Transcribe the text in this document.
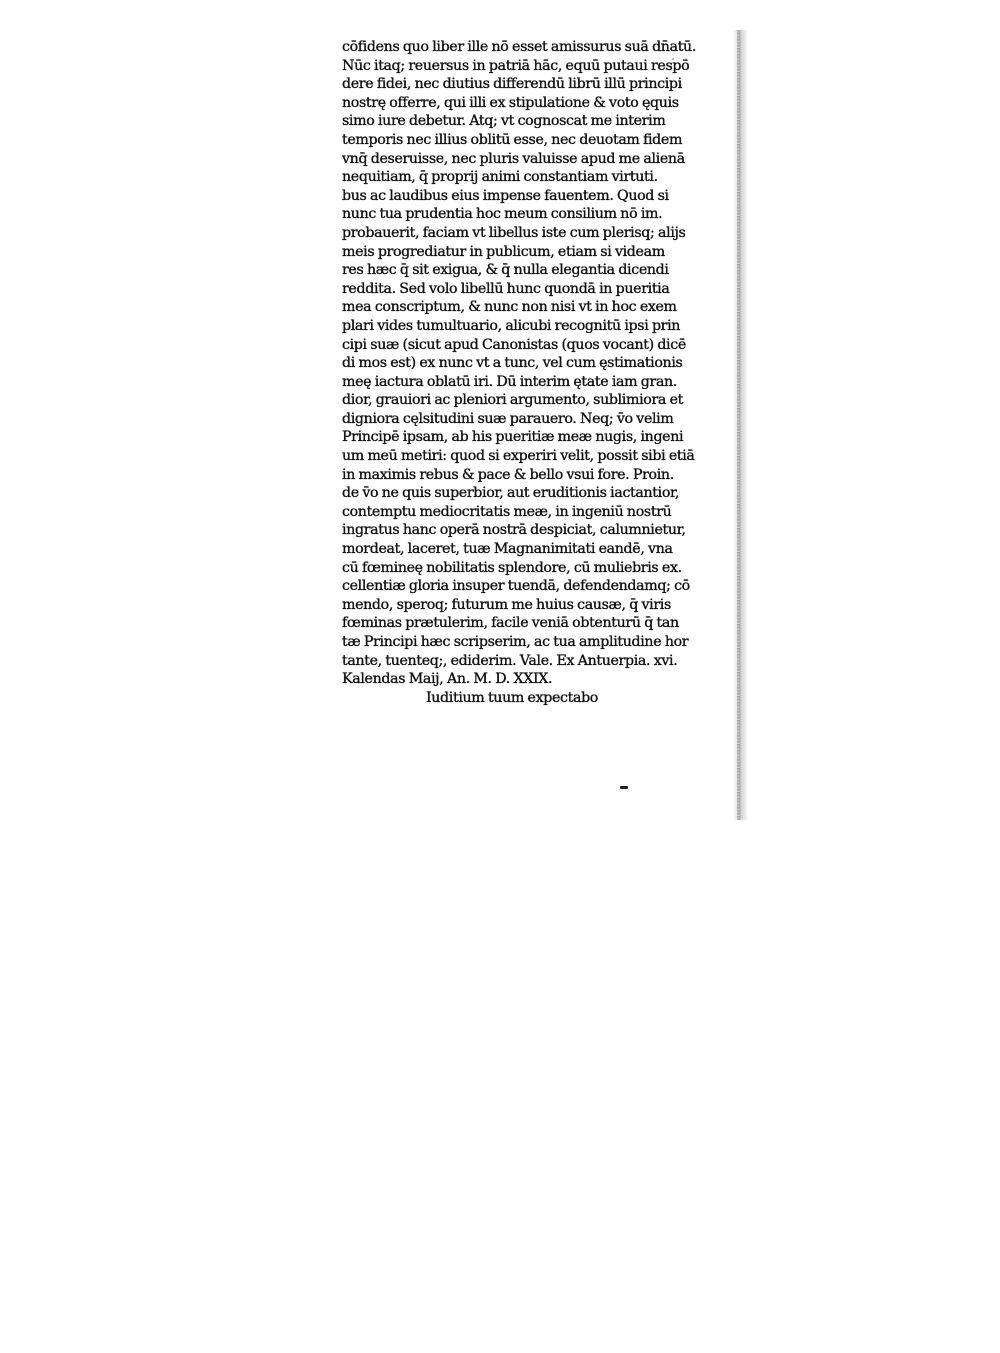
cōfidens quo liber ille nō esset amissurus suā dn̄atū.
Nūc itaq; reuersus in patriā hāc, equū putaui respō
dere fidei, nec diutius differendū librū illū principi
nostrę offerre, qui illi ex stipulatione & voto ęquis
simo iure debetur. Atq; vt cognoscat me interim
temporis nec illius oblitū esse, nec deuotam fidem
vnq̄ deseruisse, nec pluris valuisse apud me alienā
nequitiam, q̄ proprij animi constantiam virtuti.
bus ac laudibus eius impense fauentem. Quod si
nunc tua prudentia hoc meum consilium nō im.
probauerit, faciam vt libellus iste cum plerisq; alijs
meis progrediatur in publicum, etiam si videam
res hæc q̄ sit exigua, & q̄ nulla elegantia dicendi
reddita. Sed volo libellū hunc quondā in pueritia
mea conscriptum, & nunc non nisi vt in hoc exem
plari vides tumultuario, alicubi recognitū ipsi prin
cipi suæ (sicut apud Canonistas (quos vocant) dicē
di mos est) ex nunc vt a tunc, vel cum ęstimationis
meę iactura oblatū iri. Dū interim ętate iam gran.
dior, grauiori ac pleniori argumento, sublimiora et
digniora cęlsitudini suæ parauero. Neq; v̄o velim
Principē ipsam, ab his pueritiæ meæ nugis, ingeni
um meū metiri: quod si experiri velit, possit sibi etiā
in maximis rebus & pace & bello vsui fore. Proin.
de v̄o ne quis superbior, aut eruditionis iactantior,
contemptu mediocritatis meæ, in ingeniū nostrū
ingratus hanc operā nostrā despiciat, calumnietur,
mordeat, laceret, tuæ Magnanimitati eandē, vna
cū fœmineę nobilitatis splendore, cū muliebris ex.
cellentiæ gloria insuper tuendā, defendendamq; cō
mendo, speroq; futurum me huius causæ, q̄ viris
fœminas prætulerim, facile veniā obtenturū q̄ tan
tæ Principi hæc scripserim, ac tua amplitudine hor
tante, tuenteq;, ediderim. Vale. Ex Antuerpia. xvi.
Kalendas Maij, An. M. D. XXIX.
Iuditium tuum expectabo
